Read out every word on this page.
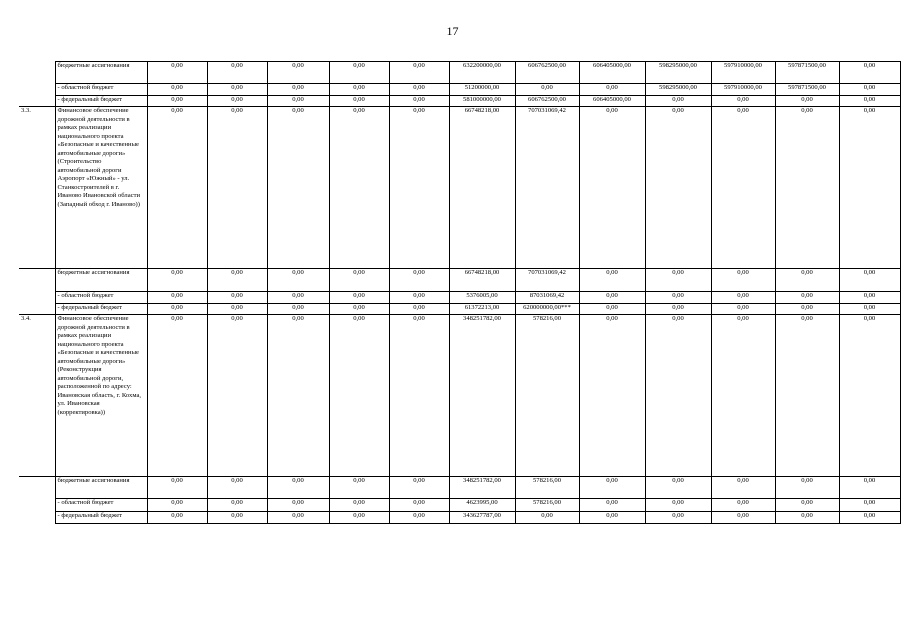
17
	бюджетные ассигнования	0,00	0,00	0,00	0,00	0,00	632200000,00	606762500,00	606405000,00	598295000,00	597910000,00	597871500,00	0,00
	- областной бюджет	0,00	0,00	0,00	0,00	0,00	51200000,00	0,00	0,00	598295000,00	597910000,00	597871500,00	0,00
	- федеральный бюджет	0,00	0,00	0,00	0,00	0,00	581000000,00	606762500,00	606405000,00	0,00	0,00	0,00	0,00
3.3.	Финансовое обеспечение дорожной деятельности в рамках реализации национального проекта «Безопасные и качественные автомобильные дороги» (Строительство автомобильной дороги Аэропорт «Южный» - ул. Станкостроителей в г. Иваново Ивановской области (Западный обход г. Иваново))	0,00	0,00	0,00	0,00	0,00	66748218,00	707031069,42	0,00	0,00	0,00	0,00	0,00
	бюджетные ассигнования	0,00	0,00	0,00	0,00	0,00	66748218,00	707031069,42	0,00	0,00	0,00	0,00	0,00
	- областной бюджет	0,00	0,00	0,00	0,00	0,00	5376005,00	87031069,42	0,00	0,00	0,00	0,00	0,00
	- федеральный бюджет	0,00	0,00	0,00	0,00	0,00	61372213,00	620000000,00***	0,00	0,00	0,00	0,00	0,00
3.4.	Финансовое обеспечение дорожной деятельности в рамках реализации национального проекта «Безопасные и качественные автомобильные дороги» (Реконструкция автомобильной дороги, расположенной по адресу: Ивановская область, г. Кохма, ул. Ивановская (корректировка))	0,00	0,00	0,00	0,00	0,00	348251782,00	578216,00	0,00	0,00	0,00	0,00	0,00
	бюджетные ассигнования	0,00	0,00	0,00	0,00	0,00	348251782,00	578216,00	0,00	0,00	0,00	0,00	0,00
	- областной бюджет	0,00	0,00	0,00	0,00	0,00	4623995,00	578216,00	0,00	0,00	0,00	0,00	0,00
	- федеральный бюджет	0,00	0,00	0,00	0,00	0,00	343627787,00	0,00	0,00	0,00	0,00	0,00	0,00
